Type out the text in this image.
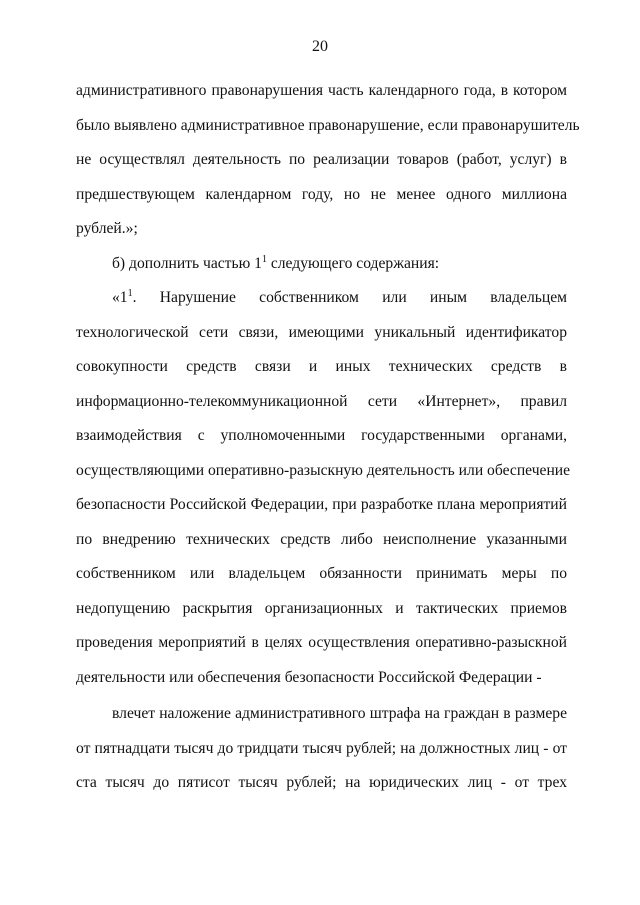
20
административного правонарушения часть календарного года, в котором
было выявлено административное правонарушение, если правонарушитель
не осуществлял деятельность по реализации товаров (работ, услуг) в
предшествующем календарном году, но не менее одного миллиона
рублей.»;
б) дополнить частью $1^1$ следующего содержания:
«$1^1$. Нарушение собственником или иным владельцем
технологической сети связи, имеющими уникальный идентификатор
совокупности средств связи и иных технических средств в
информационно-телекоммуникационной сети «Интернет», правил
взаимодействия с уполномоченными государственными органами,
осуществляющими оперативно-разыскную деятельность или обеспечение
безопасности Российской Федерации, при разработке плана мероприятий
по внедрению технических средств либо неисполнение указанными
собственником или владельцем обязанности принимать меры по
недопущению раскрытия организационных и тактических приемов
проведения мероприятий в целях осуществления оперативно-разыскной
деятельности или обеспечения безопасности Российской Федерации -
влечет наложение административного штрафа на граждан в размере
от пятнадцати тысяч до тридцати тысяч рублей; на должностных лиц - от
ста тысяч до пятисот тысяч рублей; на юридических лиц - от трех
